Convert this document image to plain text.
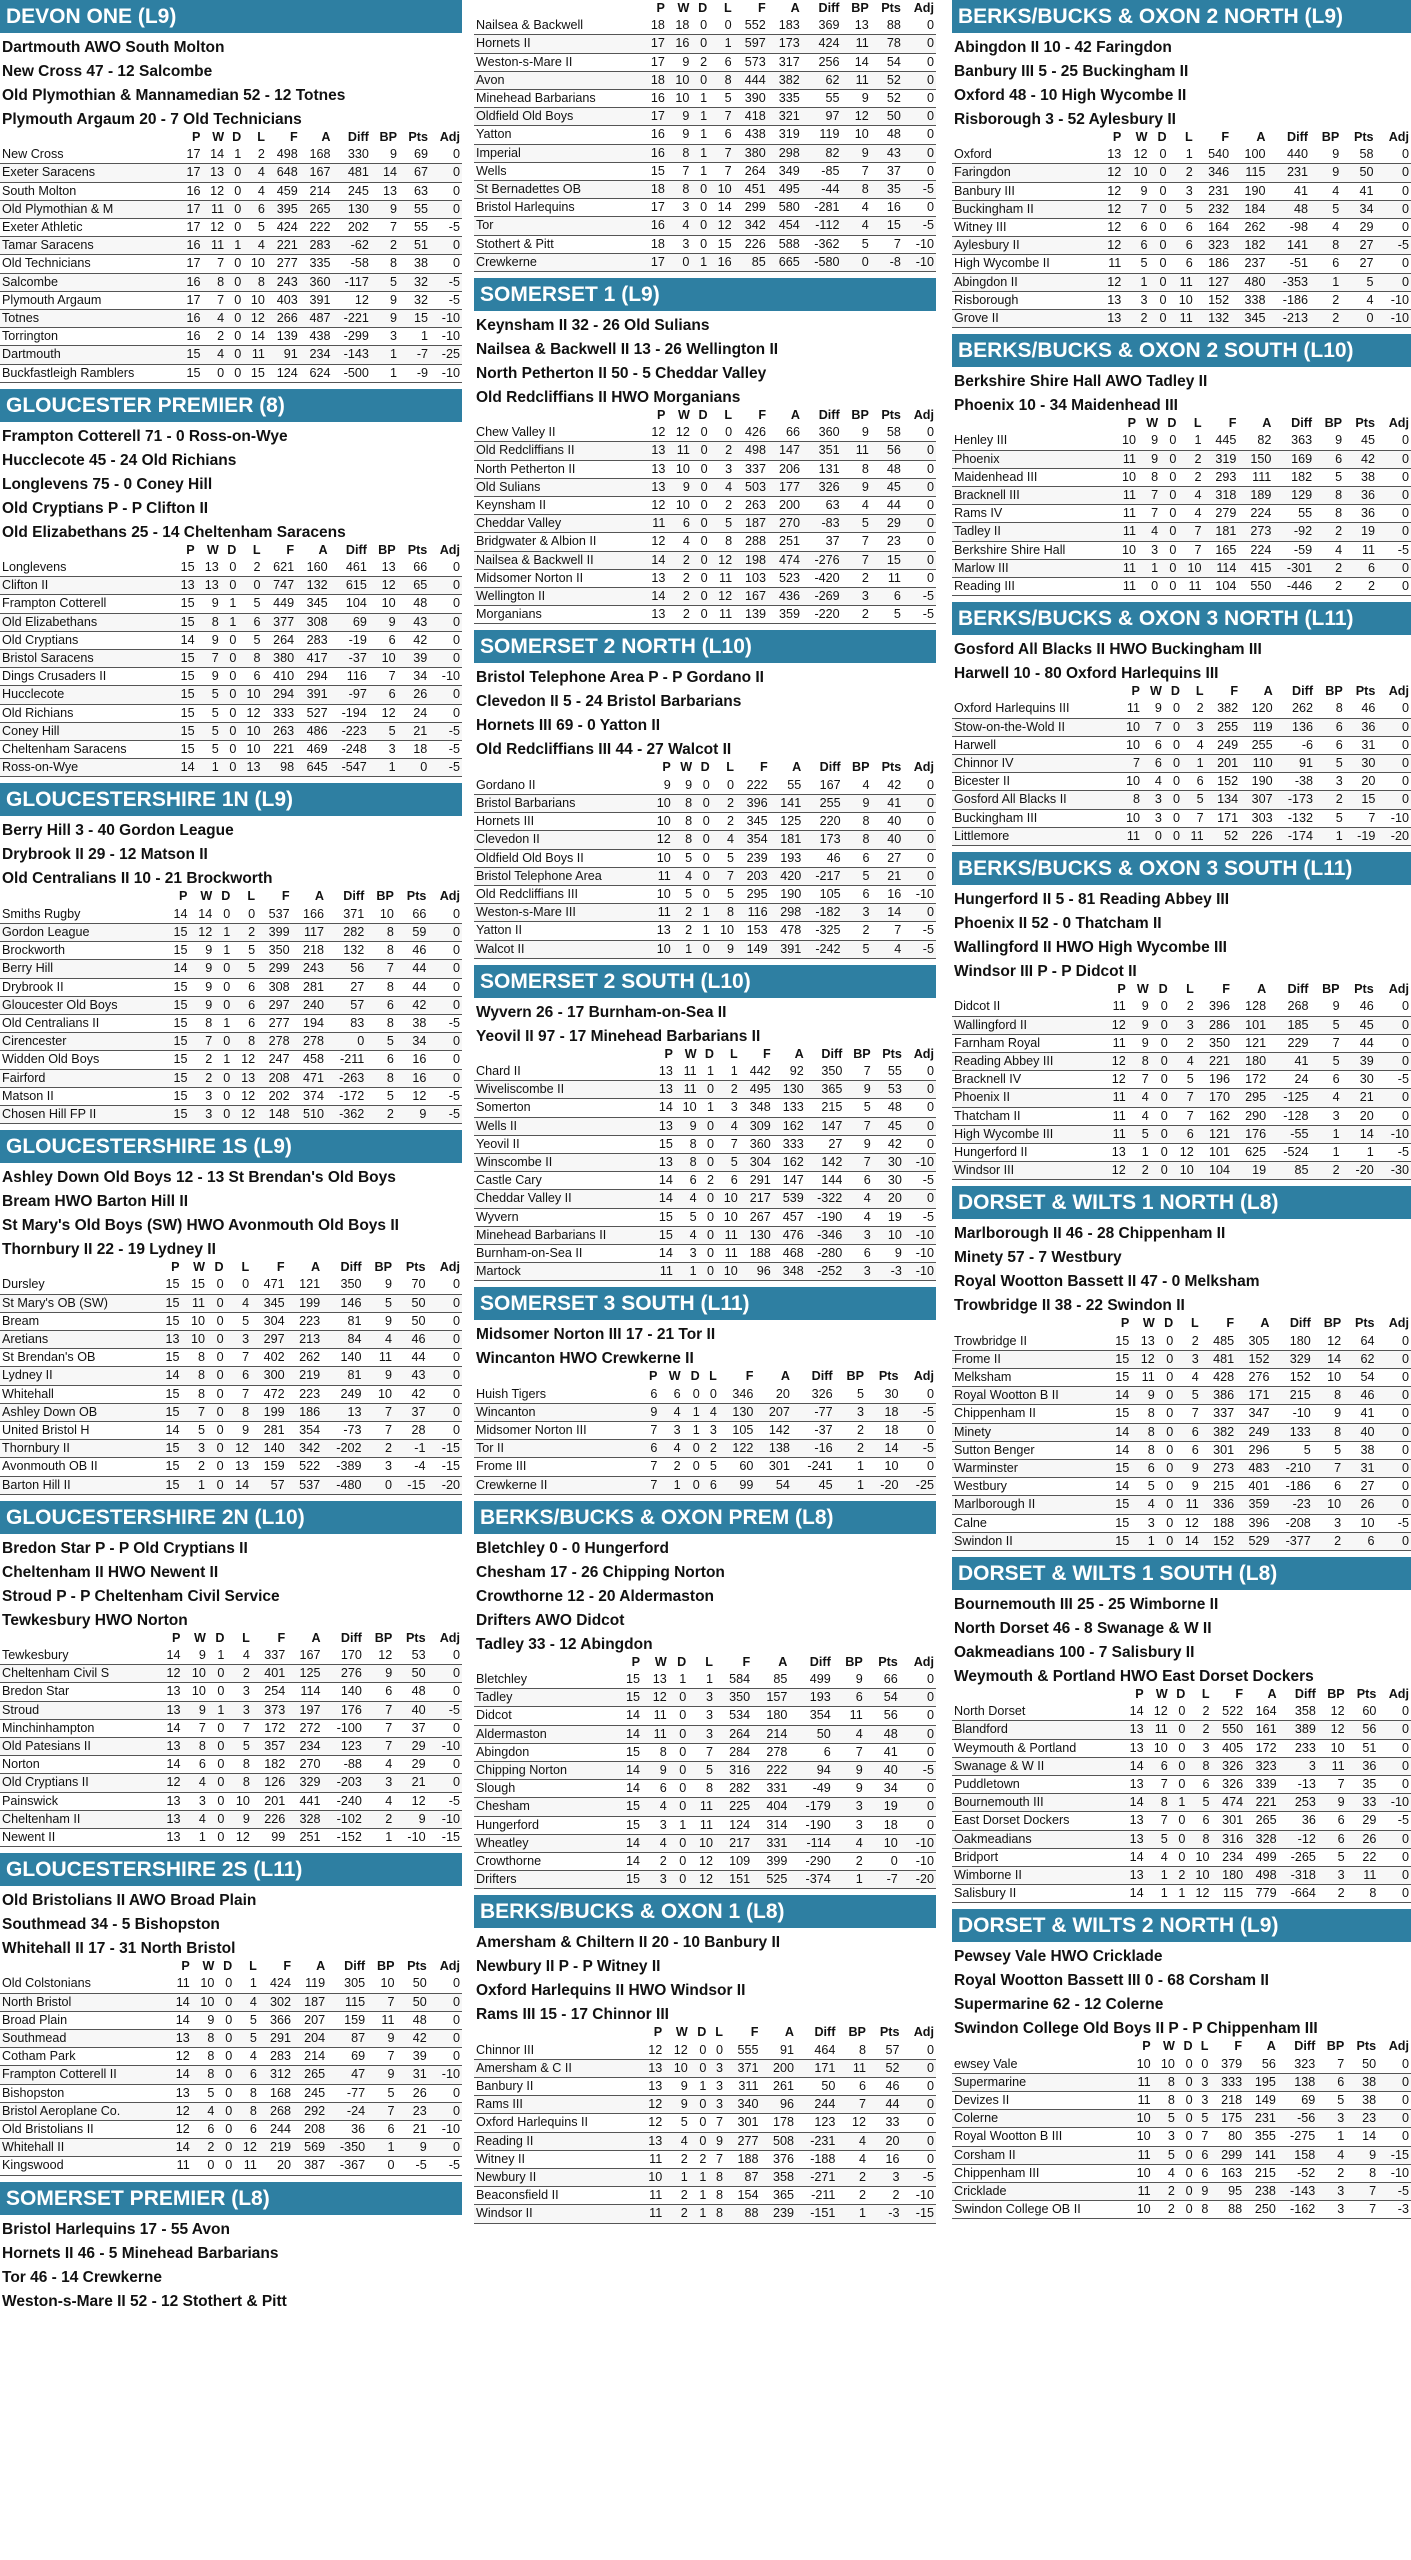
DEVON ONE (L9)
Dartmouth AWO South Molton
New Cross 47 - 12 Salcombe
Old Plymothian & Mannamedian 52 - 12 Totnes
Plymouth Argaum 20 - 7 Old Technicians
	P	W	D	L	F	A	Diff	BP	Pts	Adj
New Cross	17	14	1	2	498	168	330	9	69	0
Exeter Saracens	17	13	0	4	648	167	481	14	67	0
South Molton	16	12	0	4	459	214	245	13	63	0
Old Plymothian & M	17	11	0	6	395	265	130	9	55	0
Exeter Athletic	17	12	0	5	424	222	202	7	55	-5
Tamar Saracens	16	11	1	4	221	283	-62	2	51	0
Old Technicians	17	7	0	10	277	335	-58	8	38	0
Salcombe	16	8	0	8	243	360	-117	5	32	-5
Plymouth Argaum	17	7	0	10	403	391	12	9	32	-5
Totnes	16	4	0	12	266	487	-221	9	15	-10
Torrington	16	2	0	14	139	438	-299	3	1	-10
Dartmouth	15	4	0	11	91	234	-143	1	-7	-25
Buckfastleigh Ramblers	15	0	0	15	124	624	-500	1	-9	-10
GLOUCESTER PREMIER (8)
Frampton Cotterell 71 - 0 Ross-on-Wye
Hucclecote 45 - 24 Old Richians
Longlevens 75 - 0 Coney Hill
Old Cryptians P - P Clifton II
Old Elizabethans 25 - 14 Cheltenham Saracens
	P	W	D	L	F	A	Diff	BP	Pts	Adj
Longlevens	15	13	0	2	621	160	461	13	66	0
Clifton II	13	13	0	0	747	132	615	12	65	0
Frampton Cotterell	15	9	1	5	449	345	104	10	48	0
Old Elizabethans	15	8	1	6	377	308	69	9	43	0
Old Cryptians	14	9	0	5	264	283	-19	6	42	0
Bristol Saracens	15	7	0	8	380	417	-37	10	39	0
Dings Crusaders II	15	9	0	6	410	294	116	7	34	-10
Hucclecote	15	5	0	10	294	391	-97	6	26	0
Old Richians	15	5	0	12	333	527	-194	12	24	0
Coney Hill	15	5	0	10	263	486	-223	5	21	-5
Cheltenham Saracens	15	5	0	10	221	469	-248	3	18	-5
Ross-on-Wye	14	1	0	13	98	645	-547	1	0	-5
GLOUCESTERSHIRE 1N (L9)
Berry Hill 3 - 40 Gordon League
Drybrook II 29 - 12 Matson II
Old Centralians II 10 - 21 Brockworth
	P	W	D	L	F	A	Diff	BP	Pts	Adj
Smiths Rugby	14	14	0	0	537	166	371	10	66	0
Gordon League	15	12	1	2	399	117	282	8	59	0
Brockworth	15	9	1	5	350	218	132	8	46	0
Berry Hill	14	9	0	5	299	243	56	7	44	0
Drybrook II	15	9	0	6	308	281	27	8	44	0
Gloucester Old Boys	15	9	0	6	297	240	57	6	42	0
Old Centralians II	15	8	1	6	277	194	83	8	38	-5
Cirencester	15	7	0	8	278	278	0	5	34	0
Widden Old Boys	15	2	1	12	247	458	-211	6	16	0
Fairford	15	2	0	13	208	471	-263	8	16	0
Matson II	15	3	0	12	202	374	-172	5	12	-5
Chosen Hill FP II	15	3	0	12	148	510	-362	2	9	-5
GLOUCESTERSHIRE 1S (L9)
Ashley Down Old Boys 12 - 13 St Brendan's Old Boys
Bream HWO Barton Hill II
St Mary's Old Boys (SW) HWO Avonmouth Old Boys II
Thornbury II 22 - 19 Lydney II
	P	W	D	L	F	A	Diff	BP	Pts	Adj
Dursley	15	15	0	0	471	121	350	9	70	0
St Mary's OB (SW)	15	11	0	4	345	199	146	5	50	0
Bream	15	10	0	5	304	223	81	9	50	0
Aretians	13	10	0	3	297	213	84	4	46	0
St Brendan's OB	15	8	0	7	402	262	140	11	44	0
Lydney II	14	8	0	6	300	219	81	9	43	0
Whitehall	15	8	0	7	472	223	249	10	42	0
Ashley Down OB	15	7	0	8	199	186	13	7	37	0
United Bristol H	14	5	0	9	281	354	-73	7	28	0
Thornbury II	15	3	0	12	140	342	-202	2	-1	-15
Avonmouth OB II	15	2	0	13	159	522	-389	3	-4	-15
Barton Hill II	15	1	0	14	57	537	-480	0	-15	-20
GLOUCESTERSHIRE 2N (L10)
Bredon Star P - P Old Cryptians II
Cheltenham II HWO Newent II
Stroud P - P Cheltenham Civil Service
Tewkesbury HWO Norton
	P	W	D	L	F	A	Diff	BP	Pts	Adj
Tewkesbury	14	9	1	4	337	167	170	12	53	0
Cheltenham Civil S	12	10	0	2	401	125	276	9	50	0
Bredon Star	13	10	0	3	254	114	140	6	48	0
Stroud	13	9	1	3	373	197	176	7	40	-5
Minchinhampton	14	7	0	7	172	272	-100	7	37	0
Old Patesians II	13	8	0	5	357	234	123	7	29	-10
Norton	14	6	0	8	182	270	-88	4	29	0
Old Cryptians II	12	4	0	8	126	329	-203	3	21	0
Painswick	13	3	0	10	201	441	-240	4	12	-5
Cheltenham II	13	4	0	9	226	328	-102	2	9	-10
Newent II	13	1	0	12	99	251	-152	1	-10	-15
GLOUCESTERSHIRE 2S (L11)
Old Bristolians II AWO Broad Plain
Southmead 34 - 5 Bishopston
Whitehall II 17 - 31 North Bristol
	P	W	D	L	F	A	Diff	BP	Pts	Adj
Old Colstonians	11	10	0	1	424	119	305	10	50	0
North Bristol	14	10	0	4	302	187	115	7	50	0
Broad Plain	14	9	0	5	366	207	159	11	48	0
Southmead	13	8	0	5	291	204	87	9	42	0
Cotham Park	12	8	0	4	283	214	69	7	39	0
Frampton Cotterell II	14	8	0	6	312	265	47	9	31	-10
Bishopston	13	5	0	8	168	245	-77	5	26	0
Bristol Aeroplane Co.	12	4	0	8	268	292	-24	7	23	0
Old Bristolians II	12	6	0	6	244	208	36	6	21	-10
Whitehall II	14	2	0	12	219	569	-350	1	9	0
Kingswood	11	0	0	11	20	387	-367	0	-5	-5
SOMERSET PREMIER (L8)
Bristol Harlequins 17 - 55 Avon
Hornets II 46 - 5 Minehead Barbarians
Tor 46 - 14 Crewkerne
Weston-s-Mare II 52 - 12 Stothert & Pitt
	P	W	D	L	F	A	Diff	BP	Pts	Adj
Nailsea & Backwell	18	18	0	0	552	183	369	13	88	0
Hornets II	17	16	0	1	597	173	424	11	78	0
Weston-s-Mare II	17	9	2	6	573	317	256	14	54	0
Avon	18	10	0	8	444	382	62	11	52	0
Minehead Barbarians	16	10	1	5	390	335	55	9	52	0
Oldfield Old Boys	17	9	1	7	418	321	97	12	50	0
Yatton	16	9	1	6	438	319	119	10	48	0
Imperial	16	8	1	7	380	298	82	9	43	0
Wells	15	7	1	7	264	349	-85	7	37	0
St Bernadettes OB	18	8	0	10	451	495	-44	8	35	-5
Bristol Harlequins	17	3	0	14	299	580	-281	4	16	0
Tor	16	4	0	12	342	454	-112	4	15	-5
Stothert & Pitt	18	3	0	15	226	588	-362	5	7	-10
Crewkerne	17	0	1	16	85	665	-580	0	-8	-10
SOMERSET 1 (L9)
Keynsham II 32 - 26 Old Sulians
Nailsea & Backwell II 13 - 26 Wellington II
North Petherton II 50 - 5 Cheddar Valley
Old Redcliffians II HWO Morganians
	P	W	D	L	F	A	Diff	BP	Pts	Adj
Chew Valley II	12	12	0	0	426	66	360	9	58	0
Old Redcliffians II	13	11	0	2	498	147	351	11	56	0
North Petherton II	13	10	0	3	337	206	131	8	48	0
Old Sulians	13	9	0	4	503	177	326	9	45	0
Keynsham II	12	10	0	2	263	200	63	4	44	0
Cheddar Valley	11	6	0	5	187	270	-83	5	29	0
Bridgwater & Albion II	12	4	0	8	288	251	37	7	23	0
Nailsea & Backwell II	14	2	0	12	198	474	-276	7	15	0
Midsomer Norton II	13	2	0	11	103	523	-420	2	11	0
Wellington II	14	2	0	12	167	436	-269	3	6	-5
Morganians	13	2	0	11	139	359	-220	2	5	-5
SOMERSET 2 NORTH (L10)
Bristol Telephone Area P - P Gordano II
Clevedon II 5 - 24 Bristol Barbarians
Hornets III 69 - 0 Yatton II
Old Redcliffians III 44 - 27 Walcot II
	P	W	D	L	F	A	Diff	BP	Pts	Adj
Gordano II	9	9	0	0	222	55	167	4	42	0
Bristol Barbarians	10	8	0	2	396	141	255	9	41	0
Hornets III	10	8	0	2	345	125	220	8	40	0
Clevedon II	12	8	0	4	354	181	173	8	40	0
Oldfield Old Boys II	10	5	0	5	239	193	46	6	27	0
Bristol Telephone Area	11	4	0	7	203	420	-217	5	21	0
Old Redcliffians III	10	5	0	5	295	190	105	6	16	-10
Weston-s-Mare III	11	2	1	8	116	298	-182	3	14	0
Yatton II	13	2	1	10	153	478	-325	2	7	-5
Walcot II	10	1	0	9	149	391	-242	5	4	-5
SOMERSET 2 SOUTH (L10)
Wyvern 26 - 17 Burnham-on-Sea II
Yeovil II 97 - 17 Minehead Barbarians II
	P	W	D	L	F	A	Diff	BP	Pts	Adj
Chard II	13	11	1	1	442	92	350	7	55	0
Wiveliscombe II	13	11	0	2	495	130	365	9	53	0
Somerton	14	10	1	3	348	133	215	5	48	0
Wells II	13	9	0	4	309	162	147	7	45	0
Yeovil II	15	8	0	7	360	333	27	9	42	0
Winscombe II	13	8	0	5	304	162	142	7	30	-10
Castle Cary	14	6	2	6	291	147	144	6	30	-5
Cheddar Valley II	14	4	0	10	217	539	-322	4	20	0
Wyvern	15	5	0	10	267	457	-190	4	19	-5
Minehead Barbarians II	15	4	0	11	130	476	-346	3	10	-10
Burnham-on-Sea II	14	3	0	11	188	468	-280	6	9	-10
Martock	11	1	0	10	96	348	-252	3	-3	-10
SOMERSET 3 SOUTH (L11)
Midsomer Norton III 17 - 21 Tor II
Wincanton HWO Crewkerne II
	P	W	D	L	F	A	Diff	BP	Pts	Adj
Huish Tigers	6	6	0	0	346	20	326	5	30	0
Wincanton	9	4	1	4	130	207	-77	3	18	-5
Midsomer Norton III	7	3	1	3	105	142	-37	2	18	0
Tor II	6	4	0	2	122	138	-16	2	14	-5
Frome III	7	2	0	5	60	301	-241	1	10	0
Crewkerne II	7	1	0	6	99	54	45	1	-20	-25
BERKS/BUCKS & OXON PREM (L8)
Bletchley 0 - 0 Hungerford
Chesham 17 - 26 Chipping Norton
Crowthorne 12 - 20 Aldermaston
Drifters AWO Didcot
Tadley 33 - 12 Abingdon
	P	W	D	L	F	A	Diff	BP	Pts	Adj
Bletchley	15	13	1	1	584	85	499	9	66	0
Tadley	15	12	0	3	350	157	193	6	54	0
Didcot	14	11	0	3	534	180	354	11	56	0
Aldermaston	14	11	0	3	264	214	50	4	48	0
Abingdon	15	8	0	7	284	278	6	7	41	0
Chipping Norton	14	9	0	5	316	222	94	9	40	-5
Slough	14	6	0	8	282	331	-49	9	34	0
Chesham	15	4	0	11	225	404	-179	3	19	0
Hungerford	15	3	1	11	124	314	-190	3	18	0
Wheatley	14	4	0	10	217	331	-114	4	10	-10
Crowthorne	14	2	0	12	109	399	-290	2	0	-10
Drifters	15	3	0	12	151	525	-374	1	-7	-20
BERKS/BUCKS & OXON 1 (L8)
Amersham & Chiltern II 20 - 10 Banbury II
Newbury II P - P Witney II
Oxford Harlequins II HWO Windsor II
Rams III 15 - 17 Chinnor III
	P	W	D	L	F	A	Diff	BP	Pts	Adj
Chinnor III	12	12	0	0	555	91	464	8	57	0
Amersham & C II	13	10	0	3	371	200	171	11	52	0
Banbury II	13	9	1	3	311	261	50	6	46	0
Rams III	12	9	0	3	340	96	244	7	44	0
Oxford Harlequins II	12	5	0	7	301	178	123	12	33	0
Reading II	13	4	0	9	277	508	-231	4	20	0
Witney II	11	2	2	7	188	376	-188	4	16	0
Newbury II	10	1	1	8	87	358	-271	2	3	-5
Beaconsfield II	11	2	1	8	154	365	-211	2	2	-10
Windsor II	11	2	1	8	88	239	-151	1	-3	-15
BERKS/BUCKS & OXON 2 NORTH (L9)
Abingdon II 10 - 42 Faringdon
Banbury III 5 - 25 Buckingham II
Oxford 48 - 10 High Wycombe II
Risborough 3 - 52 Aylesbury II
	P	W	D	L	F	A	Diff	BP	Pts	Adj
Oxford	13	12	0	1	540	100	440	9	58	0
Faringdon	12	10	0	2	346	115	231	9	50	0
Banbury III	12	9	0	3	231	190	41	4	41	0
Buckingham II	12	7	0	5	232	184	48	5	34	0
Witney III	12	6	0	6	164	262	-98	4	29	0
Aylesbury II	12	6	0	6	323	182	141	8	27	-5
High Wycombe II	11	5	0	6	186	237	-51	6	27	0
Abingdon II	12	1	0	11	127	480	-353	1	5	0
Risborough	13	3	0	10	152	338	-186	2	4	-10
Grove II	13	2	0	11	132	345	-213	2	0	-10
BERKS/BUCKS & OXON 2 SOUTH (L10)
Berkshire Shire Hall AWO Tadley II
Phoenix 10 - 34 Maidenhead III
	P	W	D	L	F	A	Diff	BP	Pts	Adj
Henley III	10	9	0	1	445	82	363	9	45	0
Phoenix	11	9	0	2	319	150	169	6	42	0
Maidenhead III	10	8	0	2	293	111	182	5	38	0
Bracknell III	11	7	0	4	318	189	129	8	36	0
Rams IV	11	7	0	4	279	224	55	8	36	0
Tadley II	11	4	0	7	181	273	-92	2	19	0
Berkshire Shire Hall	10	3	0	7	165	224	-59	4	11	-5
Marlow III	11	1	0	10	114	415	-301	2	6	0
Reading III	11	0	0	11	104	550	-446	2	2	0
BERKS/BUCKS & OXON 3 NORTH (L11)
Gosford All Blacks II HWO Buckingham III
Harwell 10 - 80 Oxford Harlequins III
	P	W	D	L	F	A	Diff	BP	Pts	Adj
Oxford Harlequins III	11	9	0	2	382	120	262	8	46	0
Stow-on-the-Wold II	10	7	0	3	255	119	136	6	36	0
Harwell	10	6	0	4	249	255	-6	6	31	0
Chinnor IV	7	6	0	1	201	110	91	5	30	0
Bicester II	10	4	0	6	152	190	-38	3	20	0
Gosford All Blacks II	8	3	0	5	134	307	-173	2	15	0
Buckingham III	10	3	0	7	171	303	-132	5	7	-10
Littlemore	11	0	0	11	52	226	-174	1	-19	-20
BERKS/BUCKS & OXON 3 SOUTH (L11)
Hungerford II 5 - 81 Reading Abbey III
Phoenix II 52 - 0 Thatcham II
Wallingford II HWO High Wycombe III
Windsor III P - P Didcot II
	P	W	D	L	F	A	Diff	BP	Pts	Adj
Didcot II	11	9	0	2	396	128	268	9	46	0
Wallingford II	12	9	0	3	286	101	185	5	45	0
Farnham Royal	11	9	0	2	350	121	229	7	44	0
Reading Abbey III	12	8	0	4	221	180	41	5	39	0
Bracknell IV	12	7	0	5	196	172	24	6	30	-5
Phoenix II	11	4	0	7	170	295	-125	4	21	0
Thatcham II	11	4	0	7	162	290	-128	3	20	0
High Wycombe III	11	5	0	6	121	176	-55	1	14	-10
Hungerford II	13	1	0	12	101	625	-524	1	1	-5
Windsor III	12	2	0	10	104	19	85	2	-20	-30
DORSET & WILTS 1 NORTH (L8)
Marlborough II 46 - 28 Chippenham II
Minety 57 - 7 Westbury
Royal Wootton Bassett II 47 - 0 Melksham
Trowbridge II 38 - 22 Swindon II
	P	W	D	L	F	A	Diff	BP	Pts	Adj
Trowbridge II	15	13	0	2	485	305	180	12	64	0
Frome II	15	12	0	3	481	152	329	14	62	0
Melksham	15	11	0	4	428	276	152	10	54	0
Royal Wootton B II	14	9	0	5	386	171	215	8	46	0
Chippenham II	15	8	0	7	337	347	-10	9	41	0
Minety	14	8	0	6	382	249	133	8	40	0
Sutton Benger	14	8	0	6	301	296	5	5	38	0
Warminster	15	6	0	9	273	483	-210	7	31	0
Westbury	14	5	0	9	215	401	-186	6	27	0
Marlborough II	15	4	0	11	336	359	-23	10	26	0
Calne	15	3	0	12	188	396	-208	3	10	-5
Swindon II	15	1	0	14	152	529	-377	2	6	0
DORSET & WILTS 1 SOUTH (L8)
Bournemouth III 25 - 25 Wimborne II
North Dorset 46 - 8 Swanage & W II
Oakmeadians 100 - 7 Salisbury II
Weymouth & Portland HWO East Dorset Dockers
	P	W	D	L	F	A	Diff	BP	Pts	Adj
North Dorset	14	12	0	2	522	164	358	12	60	0
Blandford	13	11	0	2	550	161	389	12	56	0
Weymouth & Portland	13	10	0	3	405	172	233	10	51	0
Swanage & W II	14	6	0	8	326	323	3	11	36	0
Puddletown	13	7	0	6	326	339	-13	7	35	0
Bournemouth III	14	8	1	5	474	221	253	9	33	-10
East Dorset Dockers	13	7	0	6	301	265	36	6	29	-5
Oakmeadians	13	5	0	8	316	328	-12	6	26	0
Bridport	14	4	0	10	234	499	-265	5	22	0
Wimborne II	13	1	2	10	180	498	-318	3	11	0
Salisbury II	14	1	1	12	115	779	-664	2	8	0
DORSET & WILTS 2 NORTH (L9)
Pewsey Vale HWO Cricklade
Royal Wootton Bassett III 0 - 68 Corsham II
Supermarine 62 - 12 Colerne
Swindon College Old Boys II P - P Chippenham III
	P	W	D	L	F	A	Diff	BP	Pts	Adj
ewsey Vale	10	10	0	0	379	56	323	7	50	0
Supermarine	11	8	0	3	333	195	138	6	38	0
Devizes II	11	8	0	3	218	149	69	5	38	0
Colerne	10	5	0	5	175	231	-56	3	23	0
Royal Wootton B III	10	3	0	7	80	355	-275	1	14	0
Corsham II	11	5	0	6	299	141	158	4	9	-15
Chippenham III	10	4	0	6	163	215	-52	2	8	-10
Cricklade	11	2	0	9	95	238	-143	3	7	-5
Swindon College OB II	10	2	0	8	88	250	-162	3	7	-3
